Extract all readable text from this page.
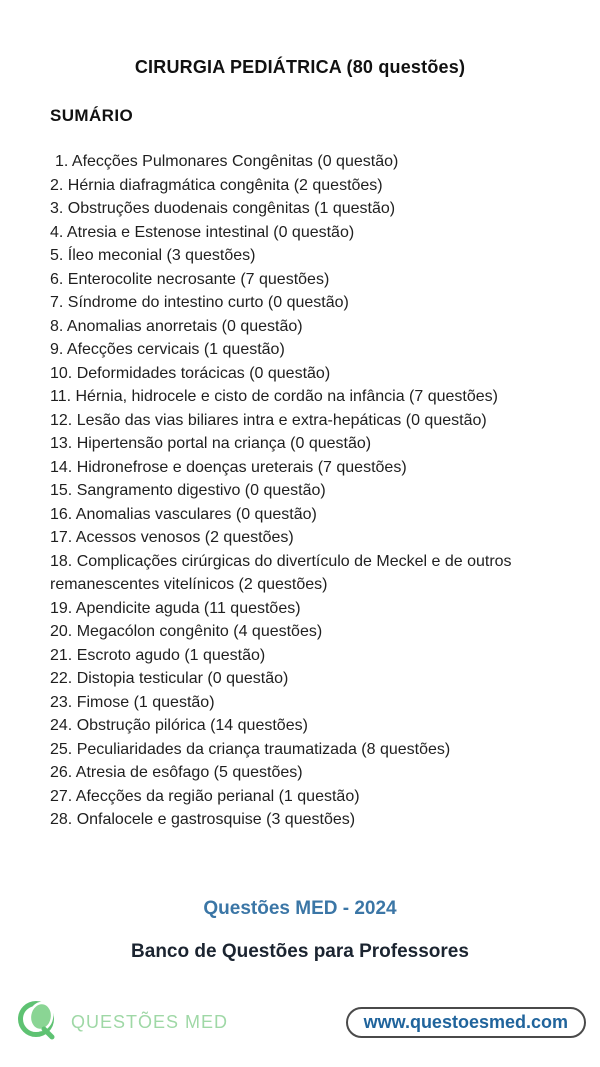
CIRURGIA PEDIÁTRICA (80 questões)
SUMÁRIO
1. Afecções Pulmonares Congênitas (0 questão)
2. Hérnia diafragmática congênita (2 questões)
3. Obstruções duodenais congênitas (1 questão)
4. Atresia e Estenose intestinal (0 questão)
5. Íleo meconial (3 questões)
6. Enterocolite necrosante (7 questões)
7. Síndrome do intestino curto (0 questão)
8. Anomalias anorretais (0 questão)
9. Afecções cervicais (1 questão)
10. Deformidades torácicas (0 questão)
11. Hérnia, hidrocele e cisto de cordão na infância (7 questões)
12. Lesão das vias biliares intra e extra-hepáticas (0 questão)
13. Hipertensão portal na criança (0 questão)
14. Hidronefrose e doenças ureterais (7 questões)
15. Sangramento digestivo (0 questão)
16. Anomalias vasculares (0 questão)
17. Acessos venosos (2 questões)
18. Complicações cirúrgicas do divertículo de Meckel e de outros remanescentes vitelínicos (2 questões)
19. Apendicite aguda (11 questões)
20. Megacólon congênito (4 questões)
21. Escroto agudo (1 questão)
22. Distopia testicular (0 questão)
23. Fimose (1 questão)
24. Obstrução pilórica (14 questões)
25. Peculiaridades da criança traumatizada (8 questões)
26. Atresia de esôfago (5 questões)
27. Afecções da região perianal (1 questão)
28. Onfalocele e gastrosquise (3 questões)
Questões MED - 2024
Banco de Questões para Professores
QUESTÕES MED	www.questoesmed.com
